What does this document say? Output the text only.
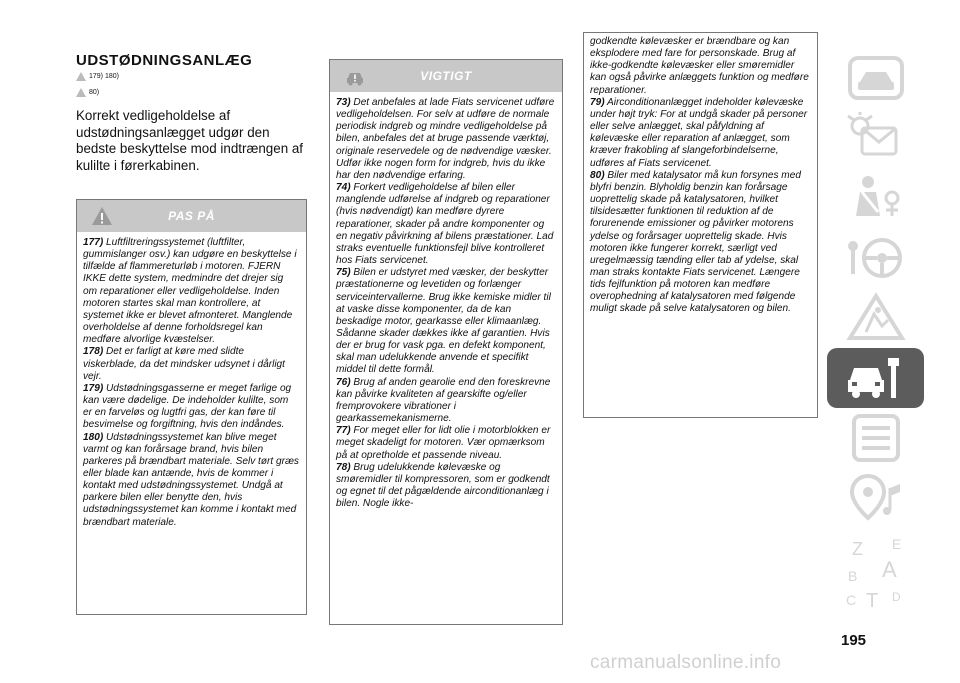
UDSTØDNINGSANLÆG
179) 180)
80)

Korrekt vedligeholdelse af udstødningsanlægget udgør den bedste beskyttelse mod indtrængen af kulilte i førerkabinen.

PAS PÅ

177) Luftfiltreringssystemet (luftfilter, gummislanger osv.) kan udgøre en beskyttelse i tilfælde af flammereturløb i motoren. FJERN IKKE dette system, medmindre det drejer sig om reparationer eller vedligeholdelse. Inden motoren startes skal man kontrollere, at systemet ikke er blevet afmonteret. Manglende overholdelse af denne forholdsregel kan medføre alvorlige kvæstelser.

178) Det er farligt at køre med slidte viskerblade, da det mindsker udsynet i dårligt vejr.

179) Udstødningsgasserne er meget farlige og kan være dødelige. De indeholder kulilte, som er en farveløs og lugtfri gas, der kan føre til besvimelse og forgiftning, hvis den indåndes.

180) Udstødningssystemet kan blive meget varmt og kan forårsage brand, hvis bilen parkeres på brændbart materiale. Selv tørt græs eller blade kan antænde, hvis de kommer i kontakt med udstødningssystemet. Undgå at parkere bilen eller benytte den, hvis udstødningssystemet kan komme i kontakt med brændbart materiale.

VIGTIGT

73) Det anbefales at lade Fiats servicenet udføre vedligeholdelsen. For selv at udføre de normale periodisk indgreb og mindre vedligeholdelse på bilen, anbefales det at bruge passende værktøj, originale reservedele og de nødvendige væsker. Udfør ikke nogen form for indgreb, hvis du ikke har den nødvendige erfaring.

74) Forkert vedligeholdelse af bilen eller manglende udførelse af indgreb og reparationer (hvis nødvendigt) kan medføre dyrere reparationer, skader på andre komponenter og en negativ påvirkning af bilens præstationer. Lad straks eventuelle funktionsfejl blive kontrolleret hos Fiats servicenet.

75) Bilen er udstyret med væsker, der beskytter præstationerne og levetiden og forlænger serviceintervallerne. Brug ikke kemiske midler til at vaske disse komponenter, da de kan beskadige motor, gearkasse eller klimaanlæg. Sådanne skader dækkes ikke af garantien. Hvis der er brug for vask pga. en defekt komponent, skal man udelukkende anvende et specifikt middel til dette formål.

76) Brug af anden gearolie end den foreskrevne kan påvirke kvaliteten af gearskifte og/eller fremprovokere vibrationer i gearkassemekanismerne.

77) For meget eller for lidt olie i motorblokken er meget skadeligt for motoren. Vær opmærksom på at opretholde et passende niveau.

78) Brug udelukkende kølevæske og smøremidler til kompressoren, som er godkendt og egnet til det pågældende airconditionanlæg i bilen. Nogle ikke-

godkendte kølevæsker er brændbare og kan eksplodere med fare for personskade. Brug af ikke-godkendte kølevæsker eller smøremidler kan også påvirke anlæggets funktion og medføre reparationer.

79) Airconditionanlægget indeholder kølevæske under højt tryk: For at undgå skader på personer eller selve anlægget, skal påfyldning af kølevæske eller reparation af anlægget, som kræver frakobling af slangeforbindelserne, udføres af Fiats servicenet.

80) Biler med katalysator må kun forsynes med blyfri benzin. Blyholdig benzin kan forårsage uoprettelig skade på katalysatoren, hvilket tilsidesætter funktionen til reduktion af de forurenende emissioner og påvirker motorens ydelse og forårsager uoprettelig skade. Hvis motoren ikke fungerer korrekt, særligt ved uregelmæssig tænding eller tab af ydelse, skal man straks kontakte Fiats servicenet. Længere tids fejlfunktion på motoren kan medføre overophedning af katalysatoren med følgende muligt skade på selve katalysatoren og bilen.

Z E
A
B
C T D
195
carmanualsonline.info
